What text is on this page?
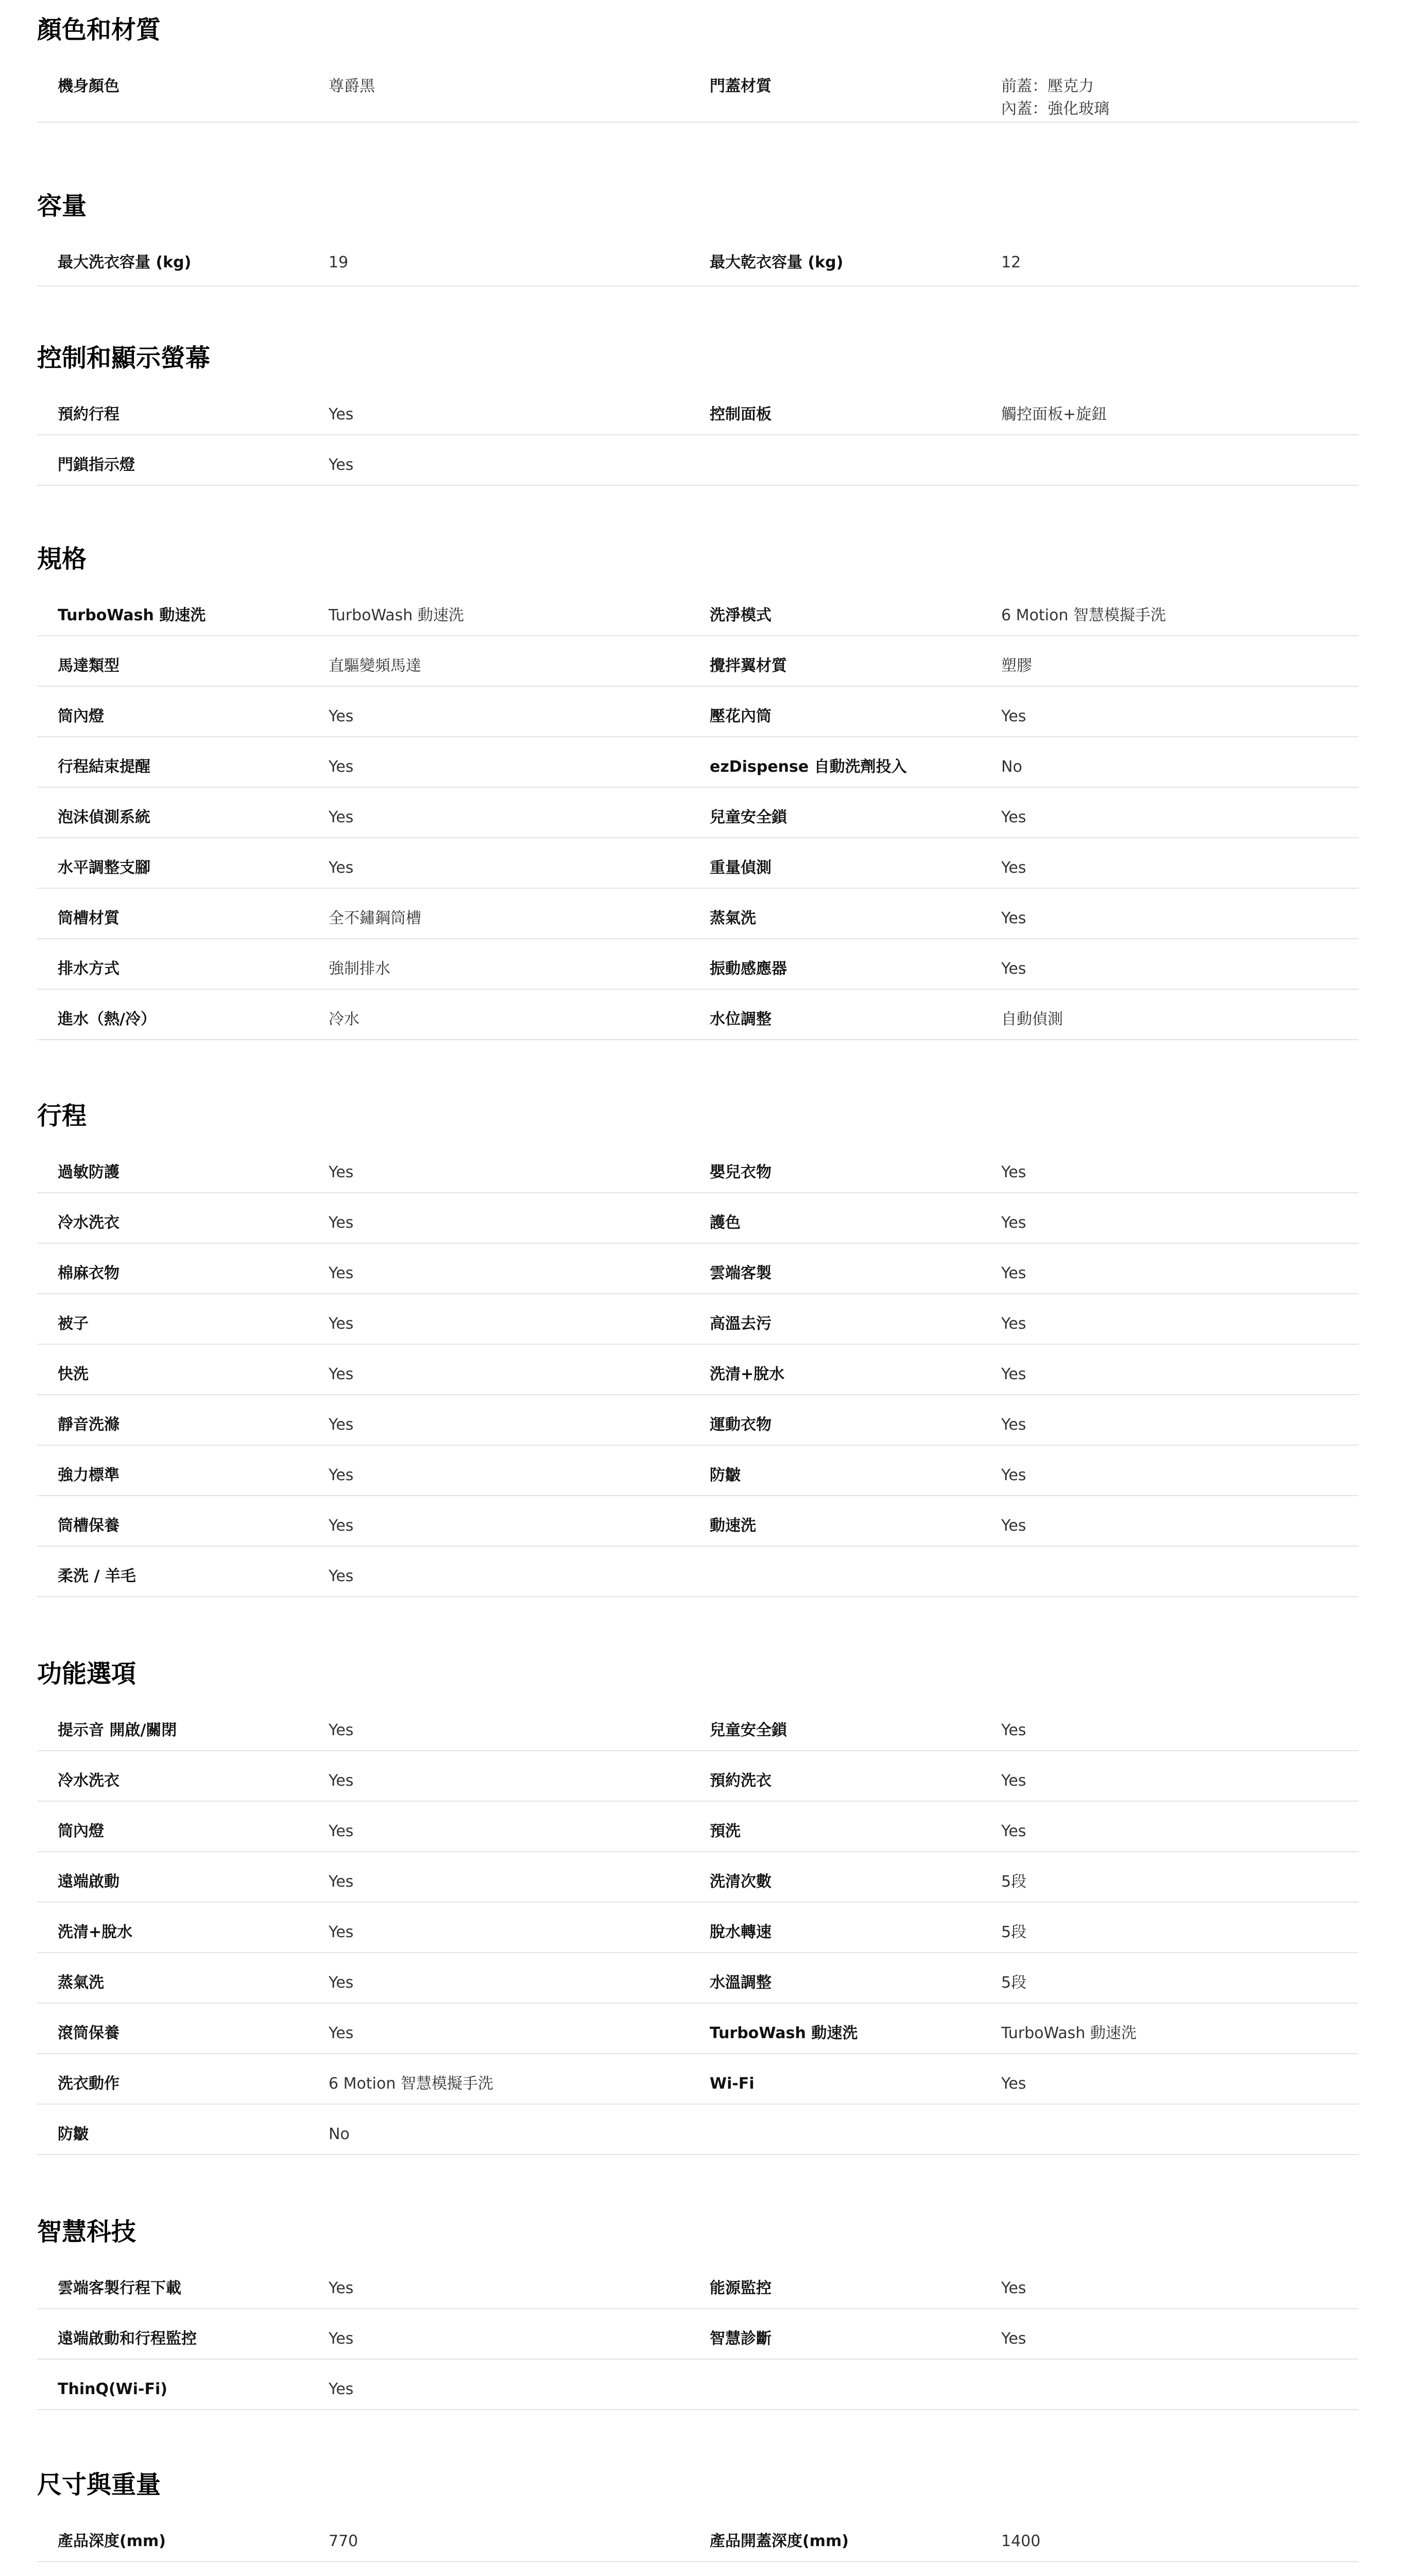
顏色和材質
機身顏色	尊爵黑	門蓋材質	前蓋：壓克力
內蓋：強化玻璃
容量
最大洗衣容量 (kg)	19	最大乾衣容量 (kg)	12
控制和顯示螢幕
預約行程	Yes	控制面板	觸控面板+旋鈕
門鎖指示燈	Yes
規格
TurboWash 動速洗	TurboWash 動速洗	洗淨模式	6 Motion 智慧模擬手洗
馬達類型	直驅變頻馬達	攪拌翼材質	塑膠
筒內燈	Yes	壓花內筒	Yes
行程結束提醒	Yes	ezDispense 自動洗劑投入	No
泡沫偵測系統	Yes	兒童安全鎖	Yes
水平調整支腳	Yes	重量偵測	Yes
筒槽材質	全不鏽鋼筒槽	蒸氣洗	Yes
排水方式	強制排水	振動感應器	Yes
進水（熱/冷）	冷水	水位調整	自動偵測
行程
過敏防護	Yes	嬰兒衣物	Yes
冷水洗衣	Yes	護色	Yes
棉麻衣物	Yes	雲端客製	Yes
被子	Yes	高溫去污	Yes
快洗	Yes	洗清+脫水	Yes
靜音洗滌	Yes	運動衣物	Yes
強力標準	Yes	防皺	Yes
筒槽保養	Yes	動速洗	Yes
柔洗 / 羊毛	Yes
功能選項
提示音 開啟/關閉	Yes	兒童安全鎖	Yes
冷水洗衣	Yes	預約洗衣	Yes
筒內燈	Yes	預洗	Yes
遠端啟動	Yes	洗清次數	5段
洗清+脫水	Yes	脫水轉速	5段
蒸氣洗	Yes	水溫調整	5段
滾筒保養	Yes	TurboWash 動速洗	TurboWash 動速洗
洗衣動作	6 Motion 智慧模擬手洗	Wi-Fi	Yes
防皺	No
智慧科技
雲端客製行程下載	Yes	能源監控	Yes
遠端啟動和行程監控	Yes	智慧診斷	Yes
ThinQ(Wi-Fi)	Yes
尺寸與重量
產品深度(mm)	770	產品開蓋深度(mm)	1400
